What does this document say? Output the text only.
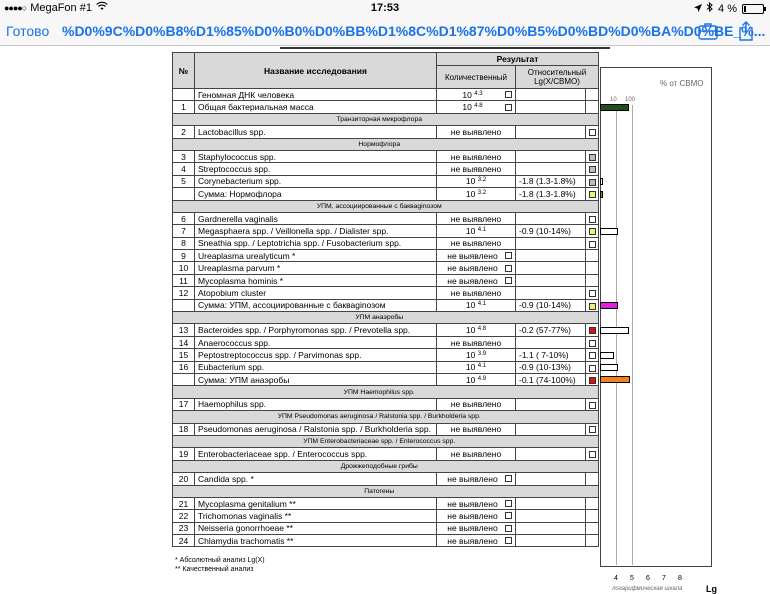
●●●●○ MegaFon #1	17:53	4 %
Готово %D0%9C%D0%B8%D1%85%D0%B0%D0%BB%D1%8C%D1%87%D0%B5%D0%BD%D0%BA%D0%BE_%...
№	Название исследования	Результат		
		Количественный	Относительный Lg(X/СВМО)	
	Геномная ДНК человека	10 $^{4.3}$

1	Общая бактериальная масса	10 $^{4.8}$

Транзиторная микрофлора				
2	Lactobacillus spp.	не выявлено		

Нормофлора				
3	Staphylococcus spp.	не выявлено		

4	Streptococcus spp.	не выявлено		

5	Corynebacterium spp.	10 $^{3.2}$	-1.8 (1.3-1.8%)	
	Сумма: Нормофлора	10 $^{3.2}$	-1.8 (1.3-1.8%)	
УПМ, ассоциированные с бакваginозом				
6	Gardnerella vaginalis	не выявлено		

7	Megasphaera spp. / Veillonella spp. / Dialister spp.	10 $^{4.1}$	-0.9 (10-14%)	
8	Sneathia spp. / Leptotrichia spp. / Fusobacterium spp.	не выявлено		

9	Ureaplasma urealyticum *	не выявлено		

10	Ureaplasma parvum *	не выявлено		

11	Mycoplasma hominis *	не выявлено		

12	Atopobium cluster	не выявлено		

	Сумма: УПМ, ассоциированные с бакваginозом	10 $^{4.1}$	-0.9 (10-14%)	
УПМ анаэробы				
13	Bacteroides spp. / Porphyromonas spp. / Prevotella spp.	10 $^{4.8}$	-0.2 (57-77%)	
14	Anaerococcus spp.	не выявлено		

15	Peptostreptococcus spp. / Parvimonas spp.	10 $^{3.9}$	-1.1 ( 7-10%)	
16	Eubacterium spp.	10 $^{4.1}$	-0.9 (10-13%)	
	Сумма: УПМ анаэробы	10 $^{4.9}$	-0.1 (74-100%)	
УПМ Haemophilus spp.				
17	Haemophilus spp.	не выявлено		

УПМ Pseudomonas aeruginosa / Ralstonia spp. / Burkholderia spp.				
18	Pseudomonas aeruginosa / Ralstonia spp. / Burkholderia spp.	не выявлено		

УПМ Enterobacteriaceae spp. / Enterococcus spp.				
19	Enterobacteriaceae spp. / Enterococcus spp.	не выявлено		

Дрожжеподобные грибы				
20	Candida spp. *	не выявлено		

Патогены				
21	Mycoplasma genitalium **	не выявлено		

22	Trichomonas vaginalis **	не выявлено		

23	Neisseria gonorrhoeae **	не выявлено		

24	Chlamydia trachomatis **	не выявлено		

% от СВМО
10 100
4 5 6 7 8
логарифмическая шкала	Lg
* Абсолютный анализ Lg(X)
** Качественный анализ
